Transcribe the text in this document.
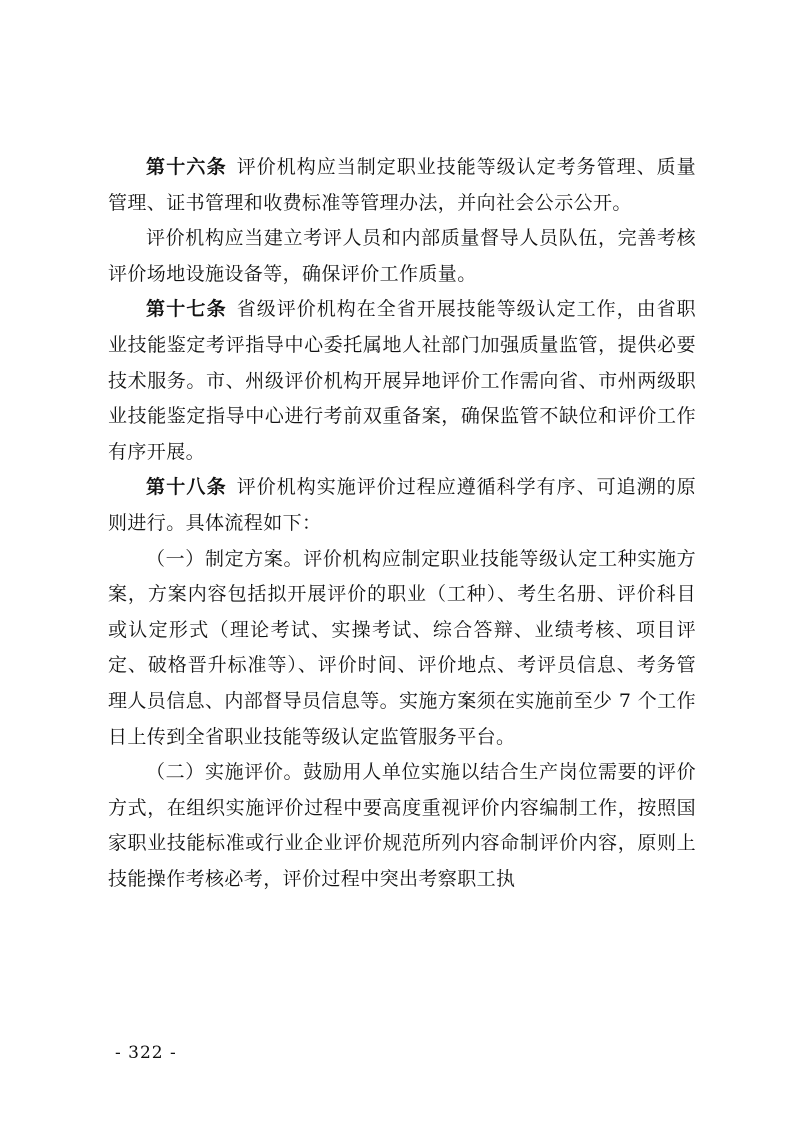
第十六条 评价机构应当制定职业技能等级认定考务管理、质量管理、证书管理和收费标准等管理办法，并向社会公示公开。

评价机构应当建立考评人员和内部质量督导人员队伍，完善考核评价场地设施设备等，确保评价工作质量。

第十七条 省级评价机构在全省开展技能等级认定工作，由省职业技能鉴定考评指导中心委托属地人社部门加强质量监管，提供必要技术服务。市、州级评价机构开展异地评价工作需向省、市州两级职业技能鉴定指导中心进行考前双重备案，确保监管不缺位和评价工作有序开展。

第十八条 评价机构实施评价过程应遵循科学有序、可追溯的原则进行。具体流程如下：

（一）制定方案。评价机构应制定职业技能等级认定工种实施方案，方案内容包括拟开展评价的职业（工种）、考生名册、评价科目或认定形式（理论考试、实操考试、综合答辩、业绩考核、项目评定、破格晋升标准等）、评价时间、评价地点、考评员信息、考务管理人员信息、内部督导员信息等。实施方案须在实施前至少 7 个工作日上传到全省职业技能等级认定监管服务平台。

（二）实施评价。鼓励用人单位实施以结合生产岗位需要的评价方式，在组织实施评价过程中要高度重视评价内容编制工作，按照国家职业技能标准或行业企业评价规范所列内容命制评价内容，原则上技能操作考核必考，评价过程中突出考察职工执

- 322 -
